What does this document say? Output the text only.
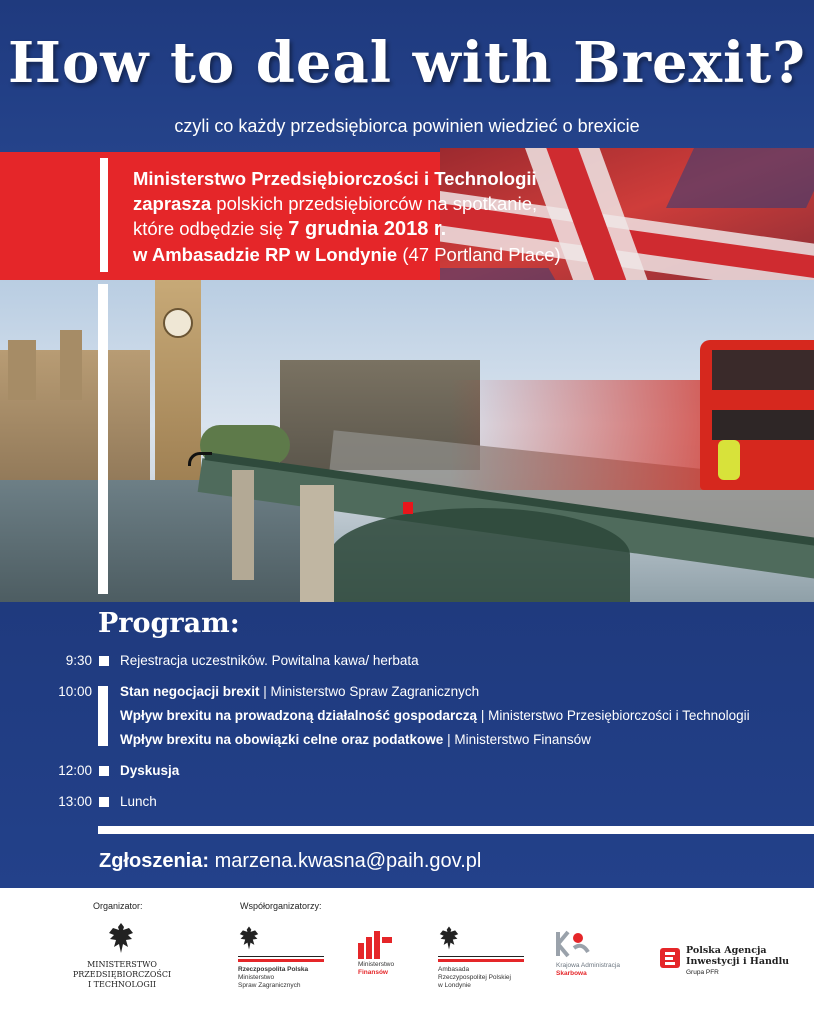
How to deal with Brexit?
czyli co każdy przedsiębiorca powinien wiedzieć o brexicie
Ministerstwo Przedsiębiorczości i Technologii
zaprasza polskich przedsiębiorców na spotkanie,
które odbędzie się 7 grudnia 2018 r.
w Ambasadzie RP w Londynie (47 Portland Place)
Program:
9:30 Rejestracja uczestników. Powitalna kawa/ herbata
10:00 Stan negocjacji brexit | Ministerstwo Spraw Zagranicznych
Wpływ brexitu na prowadzoną działalność gospodarczą | Ministerstwo Przesiębiorczości i Technologii
Wpływ brexitu na obowiązki celne oraz podatkowe | Ministerstwo Finansów
12:00 Dyskusja
13:00 Lunch
Zgłoszenia: marzena.kwasna@paih.gov.pl
Organizator:	Współorganizatorzy:
MINISTERSTWO
PRZEDSIĘBIORCZOŚCI
I TECHNOLOGII
Rzeczpospolita Polska
Ministerstwo
Spraw Zagranicznych
Ministerstwo
Finansów	Ambasada
Rzeczypospolitej Polskiej
w Londynie
Krajowa Administracja
Skarbowa
Polska Agencja
Inwestycji i Handlu
Grupa PFR
